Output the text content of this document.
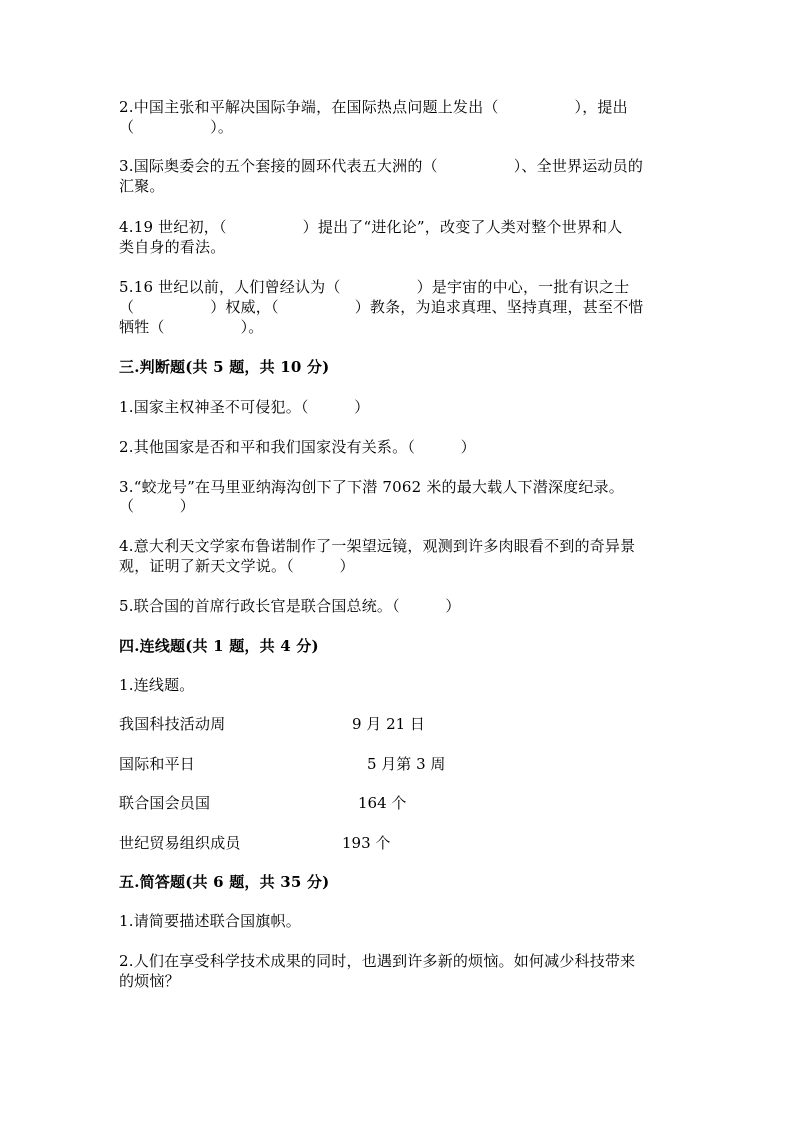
2.中国主张和平解决国际争端，在国际热点问题上发出（　　　　　），提出
（　　　　　）。
3.国际奥委会的五个套接的圆环代表五大洲的（　　　　　）、全世界运动员的
汇聚。
4.19 世纪初，（　　　　　）提出了“进化论”，改变了人类对整个世界和人
类自身的看法。
5.16 世纪以前，人们曾经认为（　　　　　）是宇宙的中心，一批有识之士
（　　　　　）权威，（　　　　　）教条，为追求真理、坚持真理，甚至不惜
牺牲（　　　　　）。
三.判断题(共 5 题，共 10 分)
1.国家主权神圣不可侵犯。（　　　）
2.其他国家是否和平和我们国家没有关系。（　　　）
3.“蛟龙号”在马里亚纳海沟创下了下潜 7062 米的最大载人下潜深度纪录。
（　　　）
4.意大利天文学家布鲁诺制作了一架望远镜，观测到许多肉眼看不到的奇异景
观，证明了新天文学说。（　　　）
5.联合国的首席行政长官是联合国总统。（　　　）
四.连线题(共 1 题，共 4 分)
1.连线题。
我国科技活动周	9 月 21 日
国际和平日	5 月第 3 周
联合国会员国	164 个
世纪贸易组织成员	193 个
五.简答题(共 6 题，共 35 分)
1.请简要描述联合国旗帜。
2.人们在享受科学技术成果的同时，也遇到许多新的烦恼。如何减少科技带来
的烦恼？
